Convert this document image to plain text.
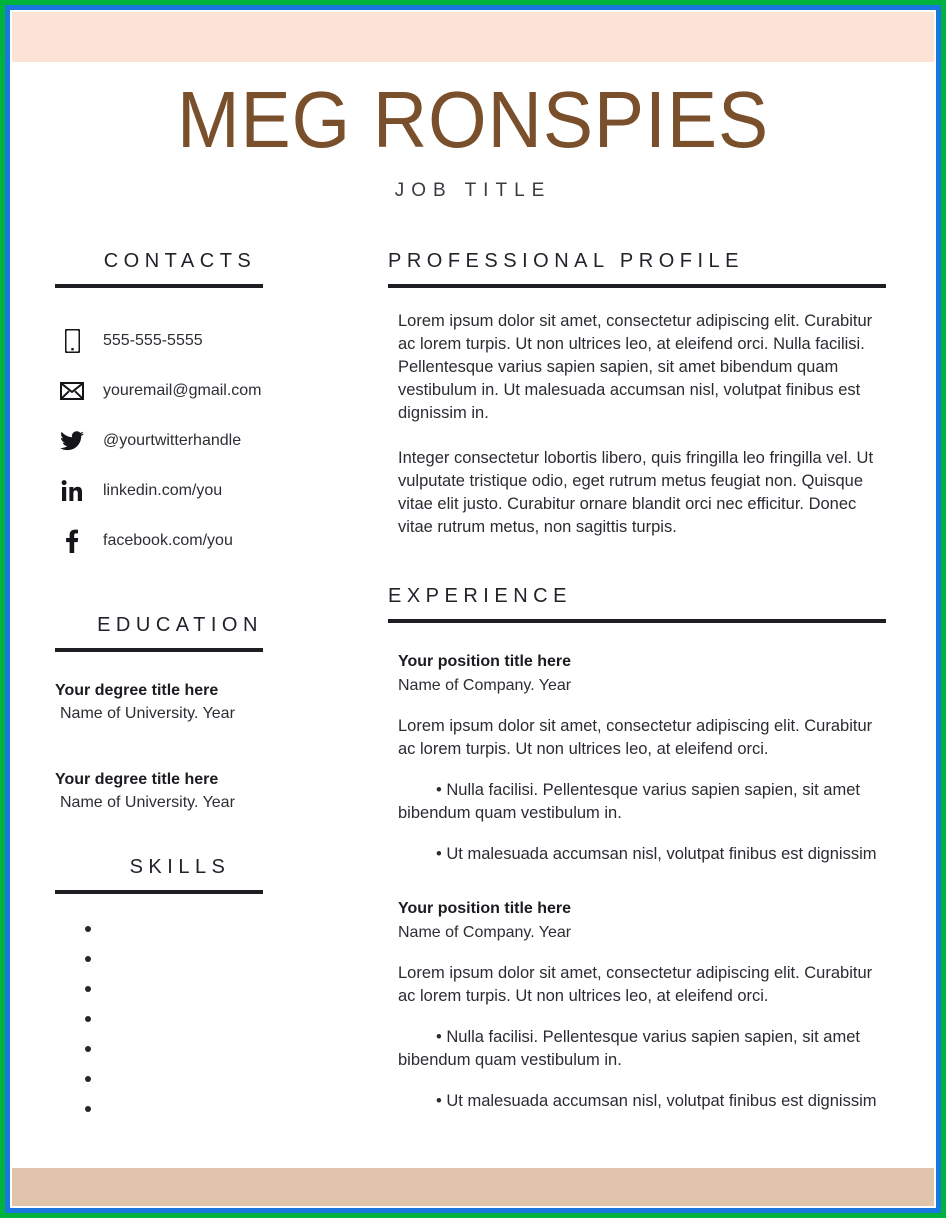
MEG RONSPIES
JOB TITLE
CONTACTS
555-555-5555
youremail@gmail.com
@yourtwitterhandle
linkedin.com/you
facebook.com/you
EDUCATION
Your degree title here
Name of University. Year
Your degree title here
Name of University. Year
SKILLS
PROFESSIONAL PROFILE
Lorem ipsum dolor sit amet, consectetur adipiscing elit. Curabitur ac lorem turpis. Ut non ultrices leo, at eleifend orci. Nulla facilisi. Pellentesque varius sapien sapien, sit amet bibendum quam vestibulum in. Ut malesuada accumsan nisl, volutpat finibus est dignissim in.
Integer consectetur lobortis libero, quis fringilla leo fringilla vel. Ut vulputate tristique odio, eget rutrum metus feugiat non. Quisque vitae elit justo. Curabitur ornare blandit orci nec efficitur. Donec vitae rutrum metus, non sagittis turpis.
EXPERIENCE
Your position title here
Name of Company. Year
Lorem ipsum dolor sit amet, consectetur adipiscing elit. Curabitur ac lorem turpis. Ut non ultrices leo, at eleifend orci.
• Nulla facilisi. Pellentesque varius sapien sapien, sit amet bibendum quam vestibulum in.
• Ut malesuada accumsan nisl, volutpat finibus est dignissim
Your position title here
Name of Company. Year
Lorem ipsum dolor sit amet, consectetur adipiscing elit. Curabitur ac lorem turpis. Ut non ultrices leo, at eleifend orci.
• Nulla facilisi. Pellentesque varius sapien sapien, sit amet bibendum quam vestibulum in.
• Ut malesuada accumsan nisl, volutpat finibus est dignissim
